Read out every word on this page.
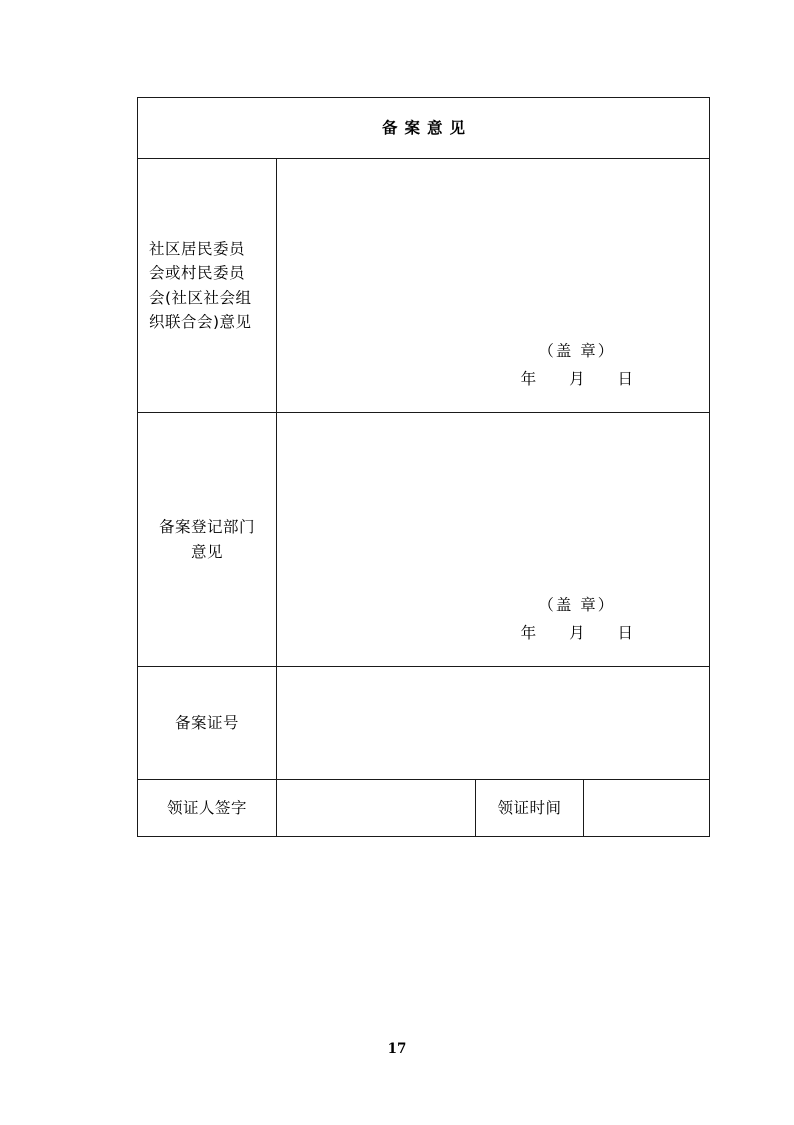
备案意见			

社区居民委员
会或村民委员
会(社区社会组
织联合会)意见	（盖 章）
年 月 日		

备案登记部门
意见	（盖 章）
年 月 日		

备案证号			

领证人签字		领证时间	

17
